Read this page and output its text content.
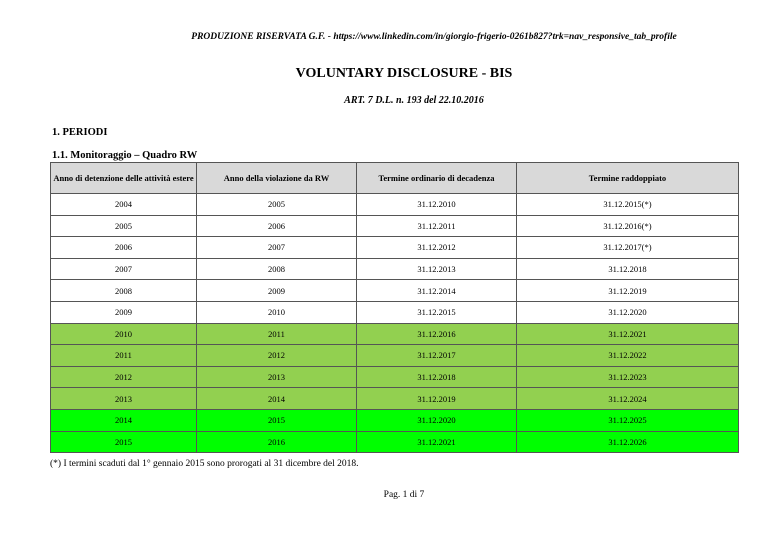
PRODUZIONE RISERVATA G.F. - https://www.linkedin.com/in/giorgio-frigerio-0261b827?trk=nav_responsive_tab_profile
VOLUNTARY DISCLOSURE - BIS
ART. 7 D.L. n. 193 del 22.10.2016
1. PERIODI
1.1. Monitoraggio – Quadro RW
Anno di detenzione delle attività estere	Anno della violazione da RW	Termine ordinario di decadenza	Termine raddoppiato
2004	2005	31.12.2010	31.12.2015(*)
2005	2006	31.12.2011	31.12.2016(*)
2006	2007	31.12.2012	31.12.2017(*)
2007	2008	31.12.2013	31.12.2018
2008	2009	31.12.2014	31.12.2019
2009	2010	31.12.2015	31.12.2020
2010	2011	31.12.2016	31.12.2021
2011	2012	31.12.2017	31.12.2022
2012	2013	31.12.2018	31.12.2023
2013	2014	31.12.2019	31.12.2024
2014	2015	31.12.2020	31.12.2025
2015	2016	31.12.2021	31.12.2026
(*) I termini scaduti dal 1° gennaio 2015 sono prorogati al 31 dicembre del 2018.
Pag. 1 di 7
